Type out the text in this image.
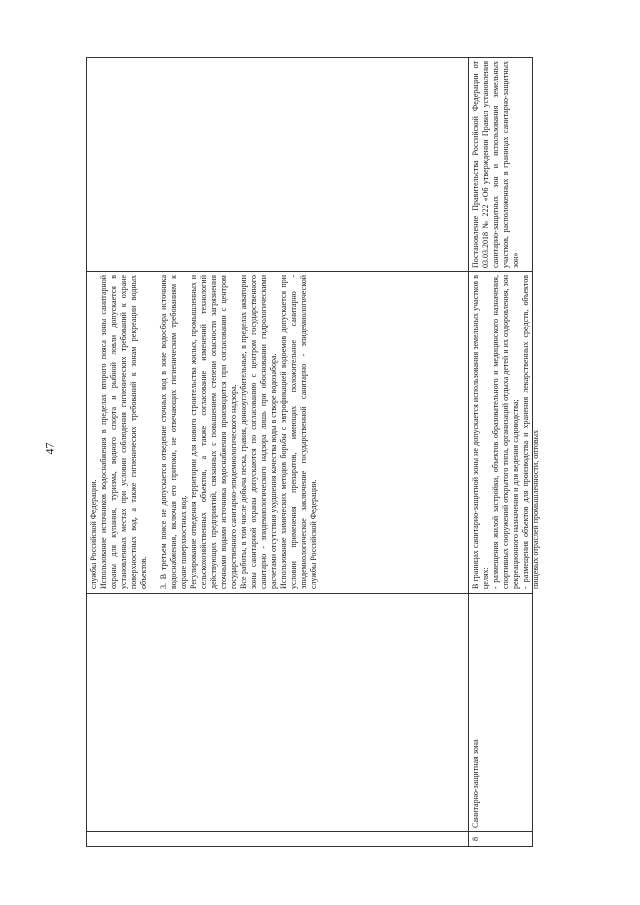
47

службы Российской Федерации. Использование источников водоснабжения в пределах второго пояса зоны санитарной охраны для купания, туризма, водного спорта и рыбной ловли допускается в установленных местах при условии соблюдения гигиенических требований к охране поверхностных вод, а также гигиенических требований к зонам рекреации водных объектов. 3. В третьем поясе не допускается отведение сточных вод в зоне водосбора источника водоснабжения, включая его притоки, не отвечающих гигиеническим требованиям к охране поверхностных вод. Регулирование отведения территории для нового строительства жилых, промышленных и сельскохозяйственных объектов, а также согласование изменений технологий действующих предприятий, связанных с повышением степени опасности загрязнения сточными водами источника водоснабжения производится при согласовании с центром государственного санитарно-эпидемиологического надзора. Все работы, в том числе добыча песка, гравия, донноуглубительные, в пределах акватории зоны санитарной охраны допускаются по согласованию с центром государственного санитарно - эпидемиологического надзора лишь при обосновании гидрологическими расчетами отсутствия ухудшения качества воды в створе водозабора. Использование химических методов борьбы с эвтрофикацией водоемов допускается при условии применения препаратов, имеющих положительное санитарно - эпидемиологическое заключение государственной санитарно - эпидемиологической службы Российской Федерации.

8
Санитарно-защитная зона

В границах санитарно-защитной зоны не допускается использования земельных участков в целях: - размещения жилой застройки, объектов образовательного и медицинского назначения, спортивных сооружений открытого типа, организаций отдыха детей и их оздоровления, зон рекреационного назначения и для ведения садоводства; - размещения объектов для производства и хранения лекарственных средств, объектов пищевых отраслей промышленности, оптовых

Постановление Правительства Российской Федерации от 03.03.2018 № 222 «Об утверждении Правил установления санитарно-защитных зон и использования земельных участков, расположенных в границах санитарно-защитных зон»
